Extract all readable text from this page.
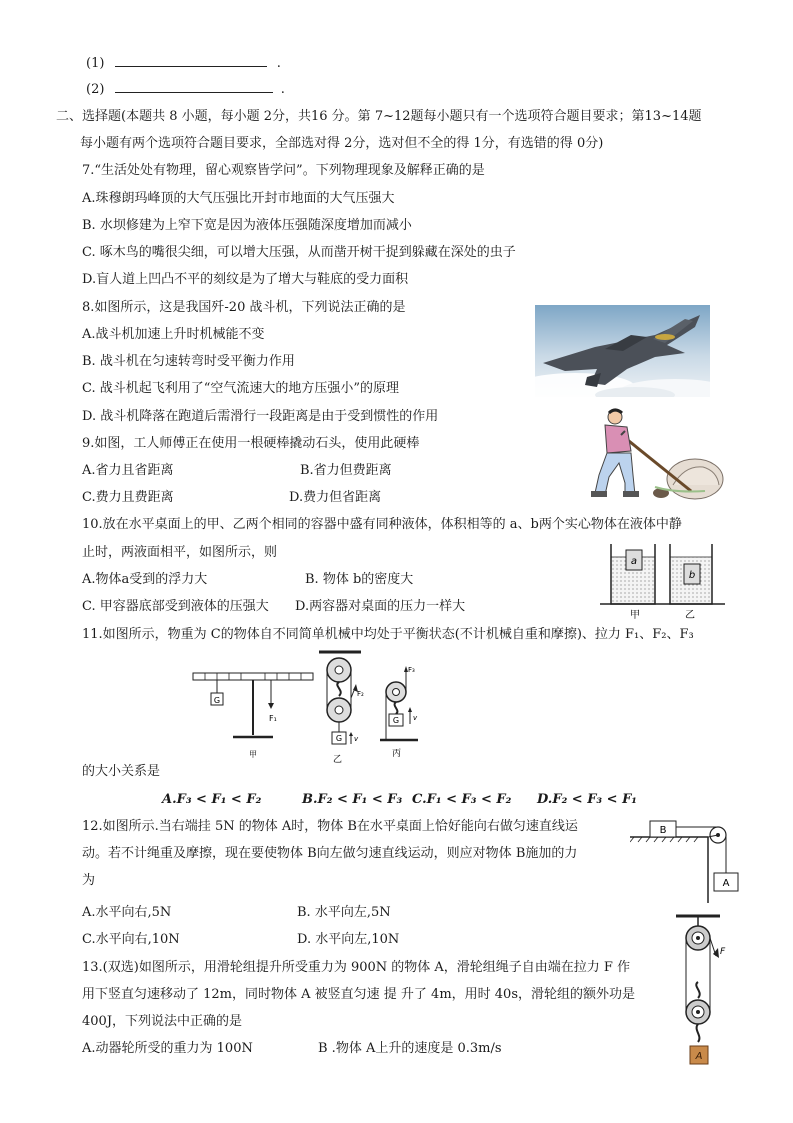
(1)	.
(2)	.
二、选择题(本题共 8 小题，每小题 2分，共16 分。第 7~12题每小题只有一个选项符合题目要求；第13~14题
每小题有两个选项符合题目要求，全部选对得 2分，选对但不全的得 1分，有选错的得 0分)
7.“生活处处有物理，留心观察皆学问”。下列物理现象及解释正确的是
A.珠穆朗玛峰顶的大气压强比开封市地面的大气压强大
B. 水坝修建为上窄下宽是因为液体压强随深度增加而减小
C. 啄木鸟的嘴很尖细，可以增大压强，从而凿开树干捉到躲藏在深处的虫子
D.盲人道上凹凸不平的刻纹是为了增大与鞋底的受力面积
8.如图所示，这是我国歼-20 战斗机，下列说法正确的是
A.战斗机加速上升时机械能不变
B. 战斗机在匀速转弯时受平衡力作用
C. 战斗机起飞利用了“空气流速大的地方压强小”的原理
D. 战斗机降落在跑道后需滑行一段距离是由于受到惯性的作用
9.如图，工人师傅正在使用一根硬棒撬动石头，使用此硬棒
A.省力且省距离	B.省力但费距离
C.费力且费距离	D.费力但省距离
10.放在水平桌面上的甲、乙两个相同的容器中盛有同种液体，体积相等的 a、b两个实心物体在液体中静
止时，两液面相平，如图所示，则
A.物体a受到的浮力大	B. 物体 b的密度大
C. 甲容器底部受到液体的压强大 D.两容器对桌面的压力一样大
a
b
甲	乙
11.如图所示，物重为 C的物体自不同简单机械中均处于平衡状态(不计机械自重和摩擦)、拉力 F₁、F₂、F₃
G
F₁
甲
F₂
G v
乙
F₃
G v
丙
的大小关系是
A.F₃ < F₁ < F₂	B.F₂ < F₁ < F₃ C.F₁ < F₃ < F₂ D.F₂ < F₃ < F₁
12.如图所示.当右端挂 5N 的物体 A时，物体 B在水平桌面上恰好能向右做匀速直线运
动。若不计绳重及摩擦，现在要使物体 B向左做匀速直线运动，则应对物体 B施加的力
为
A.水平向右,5N	B. 水平向左,5N
C.水平向右,10N	D. 水平向左,10N
B
A
13.(双选)如图所示，用滑轮组提升所受重力为 900N 的物体 A，滑轮组绳子自由端在拉力 F 作
用下竖直匀速移动了 12m，同时物体 A 被竖直匀速 提 升了 4m，用时 40s，滑轮组的额外功是
400J，下列说法中正确的是
A.动器轮所受的重力为 100N	B .物体 A上升的速度是 0.3m/s
F
A
